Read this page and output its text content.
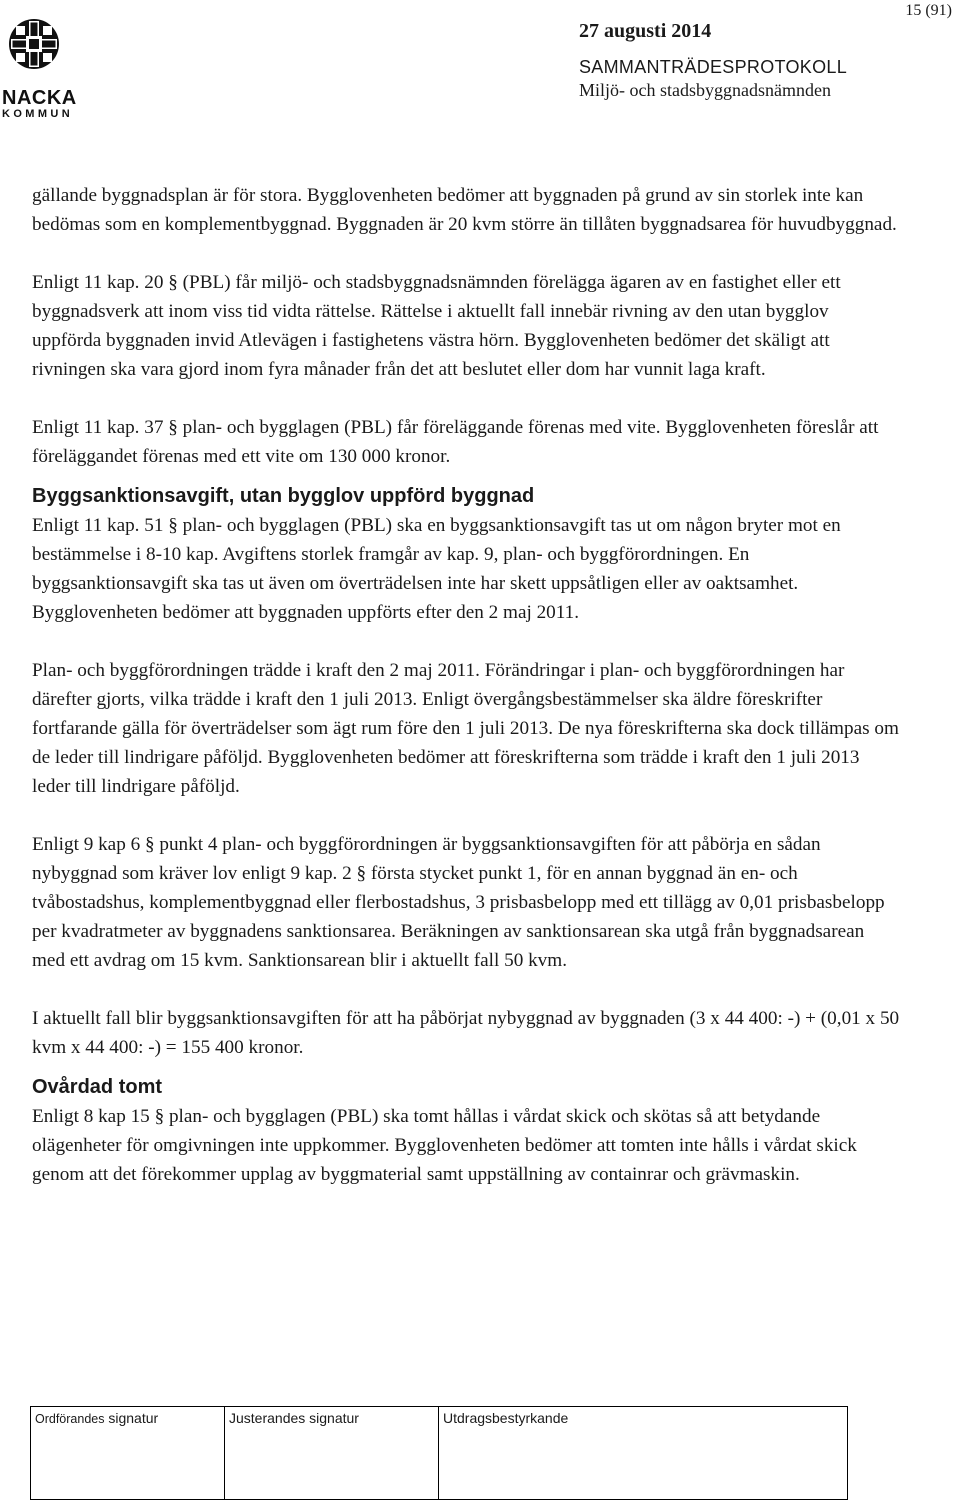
15 (91)
NACKA
KOMMUN
27 augusti 2014
SAMMANTRÄDESPROTOKOLL
Miljö- och stadsbyggnadsnämnden

gällande byggnadsplan är för stora. Bygglovenheten bedömer att byggnaden på grund av sin storlek inte kan bedömas som en komplementbyggnad. Byggnaden är 20 kvm större än tillåten byggnadsarea för huvudbyggnad.

Enligt 11 kap. 20 § (PBL) får miljö- och stadsbyggnadsnämnden förelägga ägaren av en fastighet eller ett byggnadsverk att inom viss tid vidta rättelse. Rättelse i aktuellt fall innebär rivning av den utan bygglov uppförda byggnaden invid Atlevägen i fastighetens västra hörn. Bygglovenheten bedömer det skäligt att rivningen ska vara gjord inom fyra månader från det att beslutet eller dom har vunnit laga kraft.

Enligt 11 kap. 37 § plan- och bygglagen (PBL) får föreläggande förenas med vite. Bygglovenheten föreslår att föreläggandet förenas med ett vite om 130 000 kronor.

Byggsanktionsavgift, utan bygglov uppförd byggnad

Enligt 11 kap. 51 § plan- och bygglagen (PBL) ska en byggsanktionsavgift tas ut om någon bryter mot en bestämmelse i 8-10 kap. Avgiftens storlek framgår av kap. 9, plan- och byggförordningen. En byggsanktionsavgift ska tas ut även om överträdelsen inte har skett uppsåtligen eller av oaktsamhet. Bygglovenheten bedömer att byggnaden uppförts efter den 2 maj 2011.

Plan- och byggförordningen trädde i kraft den 2 maj 2011. Förändringar i plan- och byggförordningen har därefter gjorts, vilka trädde i kraft den 1 juli 2013. Enligt övergångsbestämmelser ska äldre föreskrifter fortfarande gälla för överträdelser som ägt rum före den 1 juli 2013. De nya föreskrifterna ska dock tillämpas om de leder till lindrigare påföljd. Bygglovenheten bedömer att föreskrifterna som trädde i kraft den 1 juli 2013 leder till lindrigare påföljd.

Enligt 9 kap 6 § punkt 4 plan- och byggförordningen är byggsanktionsavgiften för att påbörja en sådan nybyggnad som kräver lov enligt 9 kap. 2 § första stycket punkt 1, för en annan byggnad än en- och tvåbostadshus, komplementbyggnad eller flerbostadshus, 3 prisbasbelopp med ett tillägg av 0,01 prisbasbelopp per kvadratmeter av byggnadens sanktionsarea. Beräkningen av sanktionsarean ska utgå från byggnadsarean med ett avdrag om 15 kvm. Sanktionsarean blir i aktuellt fall 50 kvm.

I aktuellt fall blir byggsanktionsavgiften för att ha påbörjat nybyggnad av byggnaden (3 x 44 400: -) + (0,01 x 50 kvm x 44 400: -) = 155 400 kronor.

Ovårdad tomt

Enligt 8 kap 15 § plan- och bygglagen (PBL) ska tomt hållas i vårdat skick och skötas så att betydande olägenheter för omgivningen inte uppkommer. Bygglovenheten bedömer att tomten inte hålls i vårdat skick genom att det förekommer upplag av byggmaterial samt uppställning av containrar och grävmaskin.

Ordförandes signatur	Justerandes signatur	Utdragsbestyrkande
